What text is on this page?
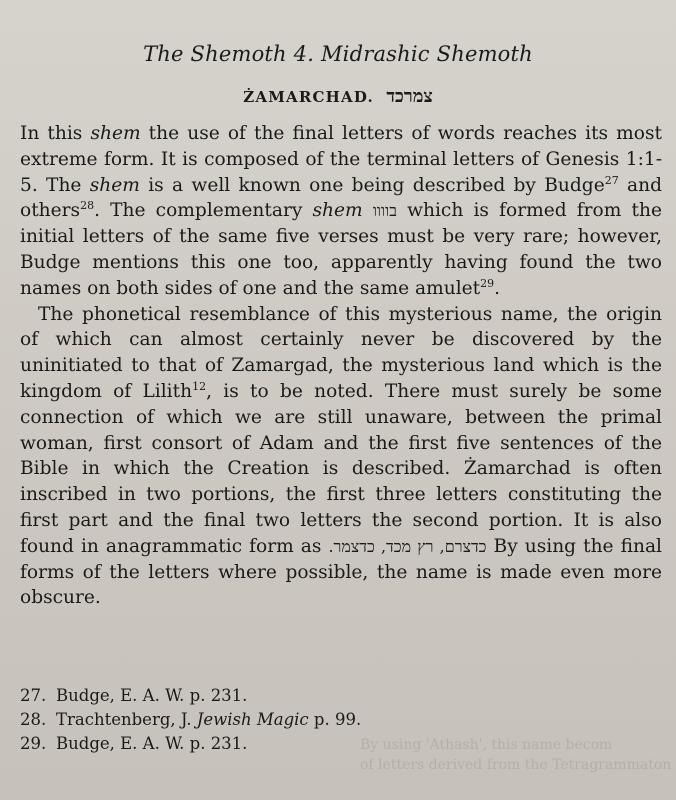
The Shemoth 4. Midrashic Shemoth
ŻAMARCHAD. צמרכד

In this shem the use of the final letters of words reaches its most extreme form. It is composed of the terminal letters of Genesis 1:1-5. The shem is a well known one being described by Budge$^{27}$ and others$^{28}$. The complementary shem בוווו which is formed from the initial letters of the same five verses must be very rare; however, Budge mentions this one too, apparently having found the two names on both sides of one and the same amulet$^{29}$.

The phonetical resemblance of this mysterious name, the origin of which can almost certainly never be discovered by the uninitiated to that of Zamargad, the mysterious land which is the kingdom of Lilith$^{12}$, is to be noted. There must surely be some connection of which we are still unaware, between the primal woman, first consort of Adam and the first five sentences of the Bible in which the Creation is described. Żamarchad is often inscribed in two portions, the first three letters constituting the first part and the final two letters the second portion. It is also found in anagrammatic form as כדצרם, רץ מכד, כדצמר. By using the final forms of the letters where possible, the name is made even more obscure.

27. Budge, E. A. W. p. 231.
28. Trachtenberg, J. Jewish Magic p. 99.
29. Budge, E. A. W. p. 231.	By using 'Athash', this name becom
of letters derived from the Tetragrammaton
